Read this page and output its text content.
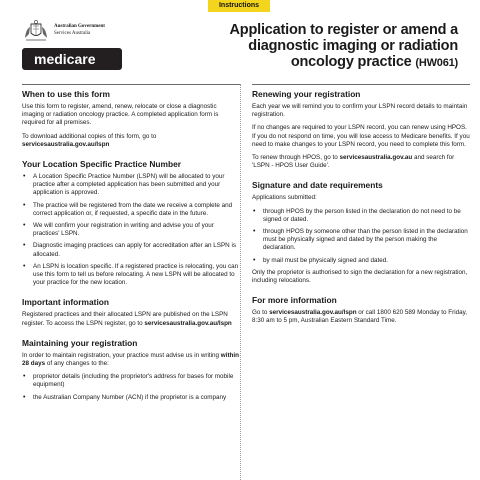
Instructions
Australian Government
Services Australia
medicare
Application to register or amend a diagnostic imaging or radiation oncology practice (HW061)
When to use this form

Use this form to register, amend, renew, relocate or close a diagnostic imaging or radiation oncology practice. A completed application form is required for all premises.

To download additional copies of this form, go to servicesaustralia.gov.au/lspn

Your Location Specific Practice Number
• A Location Specific Practice Number (LSPN) will be allocated to your practice after a completed application has been submitted and your application is approved.
• The practice will be registered from the date we receive a complete and correct application or, if requested, a specific date in the future.
• We will confirm your registration in writing and advise you of your practices' LSPN.
• Diagnostic imaging practices can apply for accreditation after an LSPN is allocated.
• An LSPN is location specific. If a registered practice is relocating, you can use this form to tell us before relocating. A new LSPN will be allocated to your practice for the new location.
Important information

Registered practices and their allocated LSPN are published on the LSPN register. To access the LSPN register, go to servicesaustralia.gov.au/lspn

Maintaining your registration

In order to maintain registration, your practice must advise us in writing within 28 days of any changes to the:

• proprietor details (including the proprietor's address for bases for mobile equipment)
• the Australian Company Number (ACN) if the proprietor is a company
Renewing your registration

Each year we will remind you to confirm your LSPN record details to maintain registration.

If no changes are required to your LSPN record, you can renew using HPOS. If you do not respond on time, you will lose access to Medicare benefits. If you need to make changes to your LSPN record, you need to complete this form.

To renew through HPOS, go to servicesaustralia.gov.au and search for 'LSPN - HPOS User Guide'.

Signature and date requirements

Applications submitted:

• through HPOS by the person listed in the declaration do not need to be signed or dated.
• through HPOS by someone other than the person listed in the declaration must be physically signed and dated by the person making the declaration.
• by mail must be physically signed and dated.

Only the proprietor is authorised to sign the declaration for a new registration, including relocations.

For more information

Go to servicesaustralia.gov.au/lspn or call 1800 620 589 Monday to Friday, 8:30 am to 5 pm, Australian Eastern Standard Time.
